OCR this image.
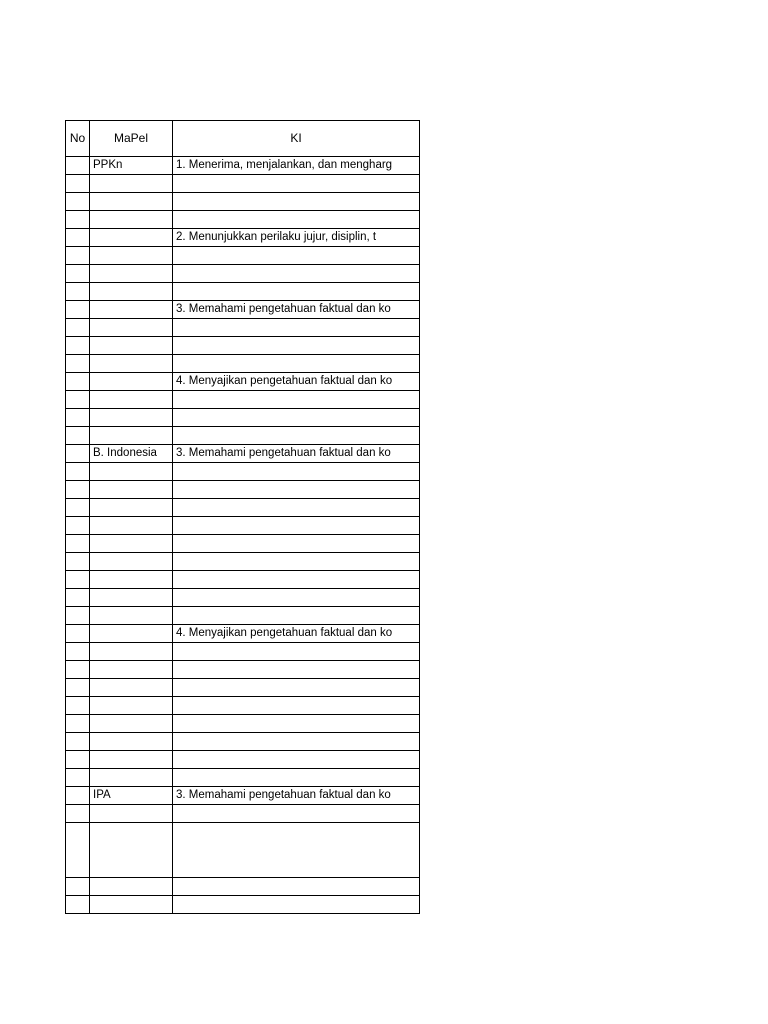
No	MaPel	KI
	PPKn	1. Menerima, menjalankan, dan mengharg

		2. Menunjukkan perilaku jujur, disiplin, t

		3. Memahami pengetahuan faktual dan ko

		4. Menyajikan pengetahuan faktual dan ko

	B. Indonesia	3. Memahami pengetahuan faktual dan ko

		4. Menyajikan pengetahuan faktual dan ko

	IPA	3. Memahami pengetahuan faktual dan ko
